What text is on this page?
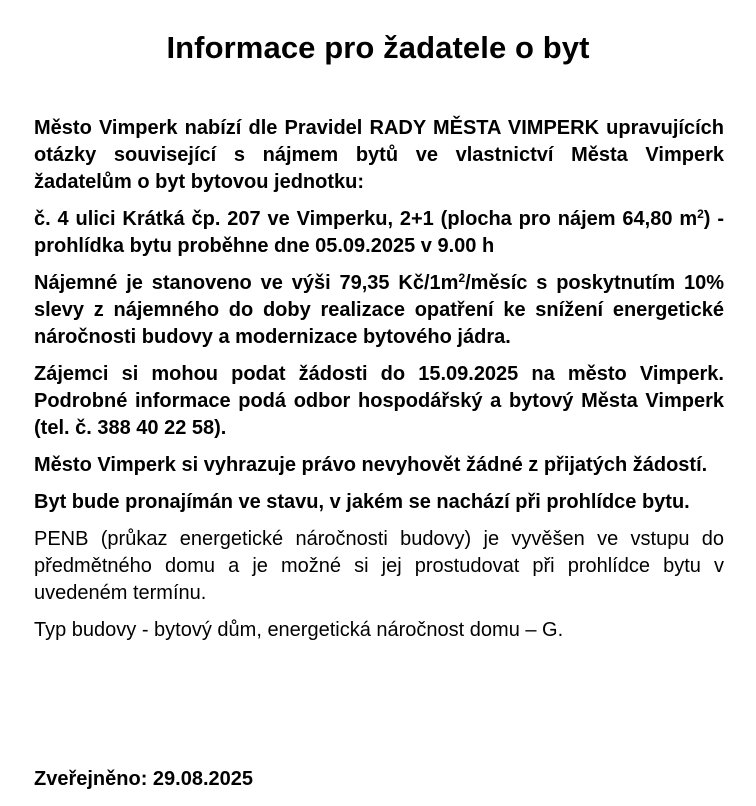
Informace pro žadatele o byt

Město Vimperk nabízí dle Pravidel RADY MĚSTA VIMPERK upravujících otázky související s nájmem bytů ve vlastnictví Města Vimperk žadatelům o byt bytovou jednotku:

č. 4 ulici Krátká čp. 207 ve Vimperku, 2+1 (plocha pro nájem 64,80 $m^2$) - prohlídka bytu proběhne dne 05.09.2025 v 9.00 h

Nájemné je stanoveno ve výši 79,35 $Kč/1m^2$/měsíc s poskytnutím 10% slevy z nájemného do doby realizace opatření ke snížení energetické náročnosti budovy a modernizace bytového jádra.

Zájemci si mohou podat žádosti do 15.09.2025 na město Vimperk. Podrobné informace podá odbor hospodářský a bytový Města Vimperk (tel. č. 388 40 22 58).

Město Vimperk si vyhrazuje právo nevyhovět žádné z přijatých žádostí.

Byt bude pronajímán ve stavu, v jakém se nachází při prohlídce bytu.

PENB (průkaz energetické náročnosti budovy) je vyvěšen ve vstupu do předmětného domu a je možné si jej prostudovat při prohlídce bytu v uvedeném termínu.

Typ budovy - bytový dům, energetická náročnost domu – G.

Zveřejněno: 29.08.2025
